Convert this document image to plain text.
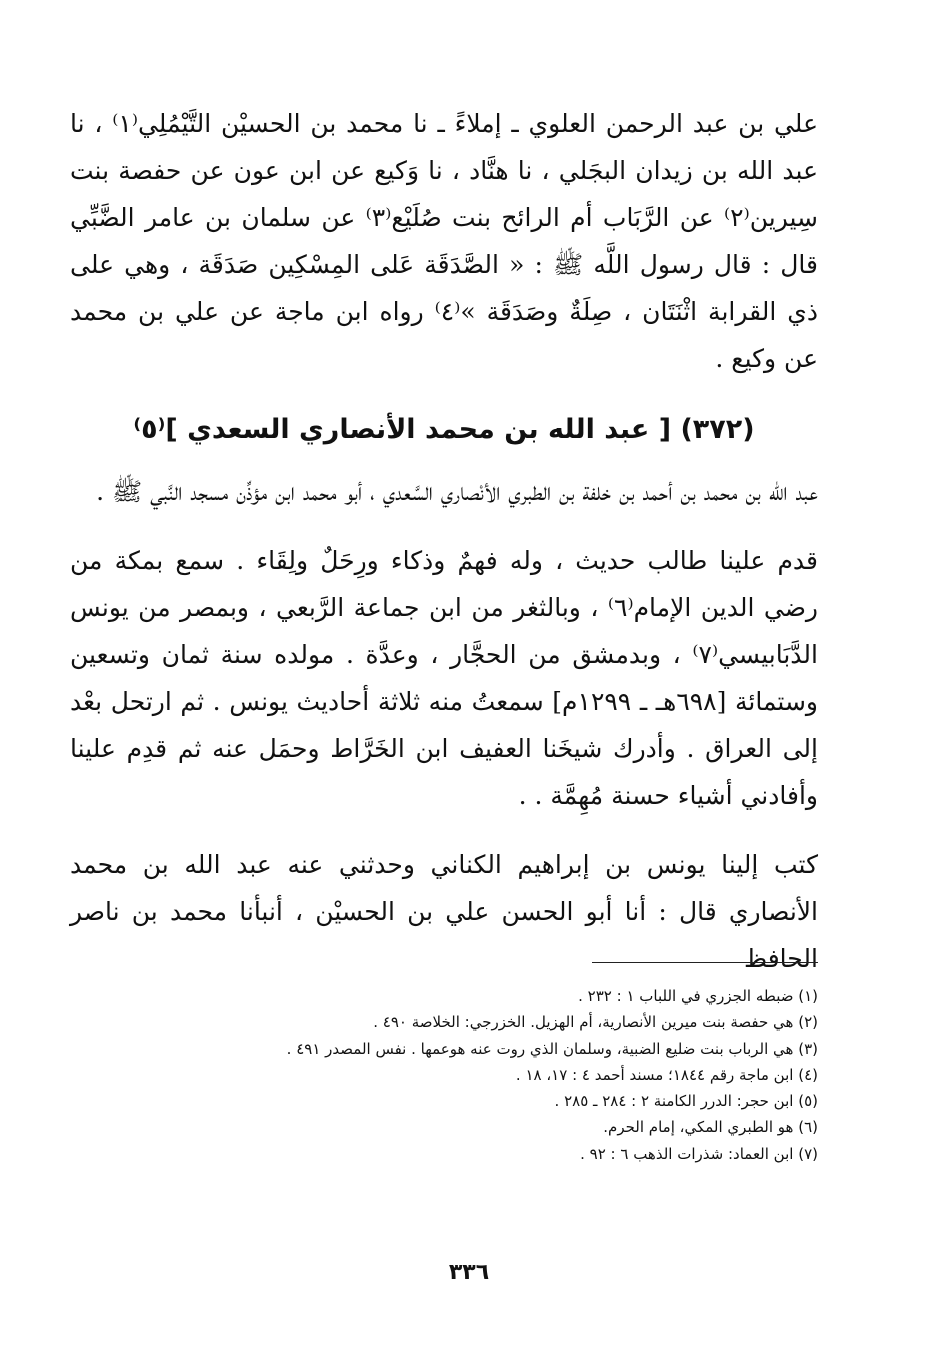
علي بن عبد الرحمن العلوي ـ إملاءً ـ نا محمد بن الحسيْن التَّيْمُلِي⁽١⁾ ، نا عبد الله بن زيدان البجَلي ، نا هنَّاد ، نا وَكيع عن ابن عون عن حفصة بنت سِيرين⁽٢⁾ عن الرَّبَاب أم الرائح بنت صُلَيْع⁽٣⁾ عن سلمان بن عامر الضَّبِّي قال : قال رسول اللَّه ﷺ : « الصَّدَقَة عَلى المِسْكِين صَدَقَة ، وهي على ذي القرابة اثْنَتَان ، صِلَةٌ وصَدَقَة »⁽٤⁾ رواه ابن ماجة عن علي بن محمد عن وكيع .

(٣٧٢) [ عبد الله بن محمد الأنصاري السعدي ]⁽٥⁾

عبد الله بن محمد بن أحمد بن خلفة بن الطبري الأنْصاري السَّعدي ، أبو محمد ابن مؤذِّن مسجد النَّبي ﷺ .

قدم علينا طالب حديث ، وله فهمٌ وذكاء ورِحَلٌ ولِقَاء . سمع بمكة من رضي الدين الإمام⁽٦⁾ ، وبالثغر من ابن جماعة الرَّبعي ، وبمصر من يونس الدَّبَابيسي⁽٧⁾ ، وبدمشق من الحجَّار ، وعدَّة . مولده سنة ثمان وتسعين وستمائة [٦٩٨هـ ـ ١٢٩٩م] سمعتُ منه ثلاثة أحاديث يونس . ثم ارتحل بعْد إلى العراق . وأدرك شيخَنا العفيف ابن الخَرَّاط وحمَل عنه ثم قدِم علينا وأفادني أشياء حسنة مُهِمَّة . .

كتب إلينا يونس بن إبراهيم الكناني وحدثني عنه عبد الله بن محمد الأنصاري قال : أنا أبو الحسن علي بن الحسيْن ، أنبأنا محمد بن ناصر الحافظ

(١) ضبطه الجزري في اللباب ١ : ٢٣٢ .
(٢) هي حفصة بنت ميرين الأنصارية، أم الهزيل. الخزرجي: الخلاصة ٤٩٠ .
(٣) هي الرباب بنت ضليع الضبية، وسلمان الذي روت عنه هوعمها . نفس المصدر ٤٩١ .
(٤) ابن ماجة رقم ١٨٤٤؛ مسند أحمد ٤ : ١٧، ١٨ .
(٥) ابن حجر: الدرر الكامنة ٢ : ٢٨٤ ـ ٢٨٥ .
(٦) هو الطبري المكي، إمام الحرم.
(٧) ابن العماد: شذرات الذهب ٦ : ٩٢ .
٣٣٦
